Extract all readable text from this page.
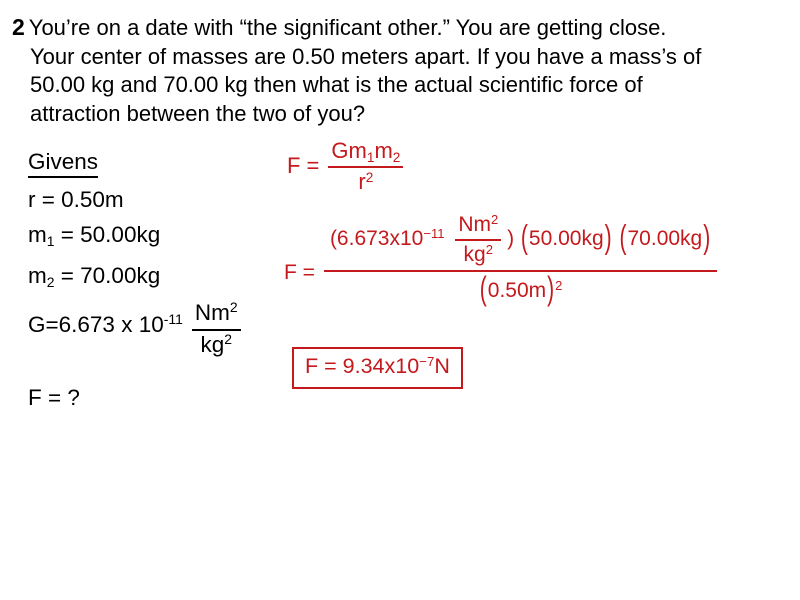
2 You’re on a date with “the significant other.” You are getting close.
Your center of masses are 0.50 meters apart. If you have a mass’s of
50.00 kg and 70.00 kg then what is the actual scientific force of
attraction between the two of you?
Givens
r = 0.50m
m1 = 50.00kg
m2 = 70.00kg
G=6.673 x $10^{-11} \frac{Nm^2}{kg^2}$
F = ?
$F = \frac{Gm1m2}{r^2}$
F =
($6.673x10^{-11} \frac{Nm^2}{kg^2}$ ) (50.00kg) (70.00kg)
$(0.50m)^2$
$F = 9.34x10^{-7}N$
